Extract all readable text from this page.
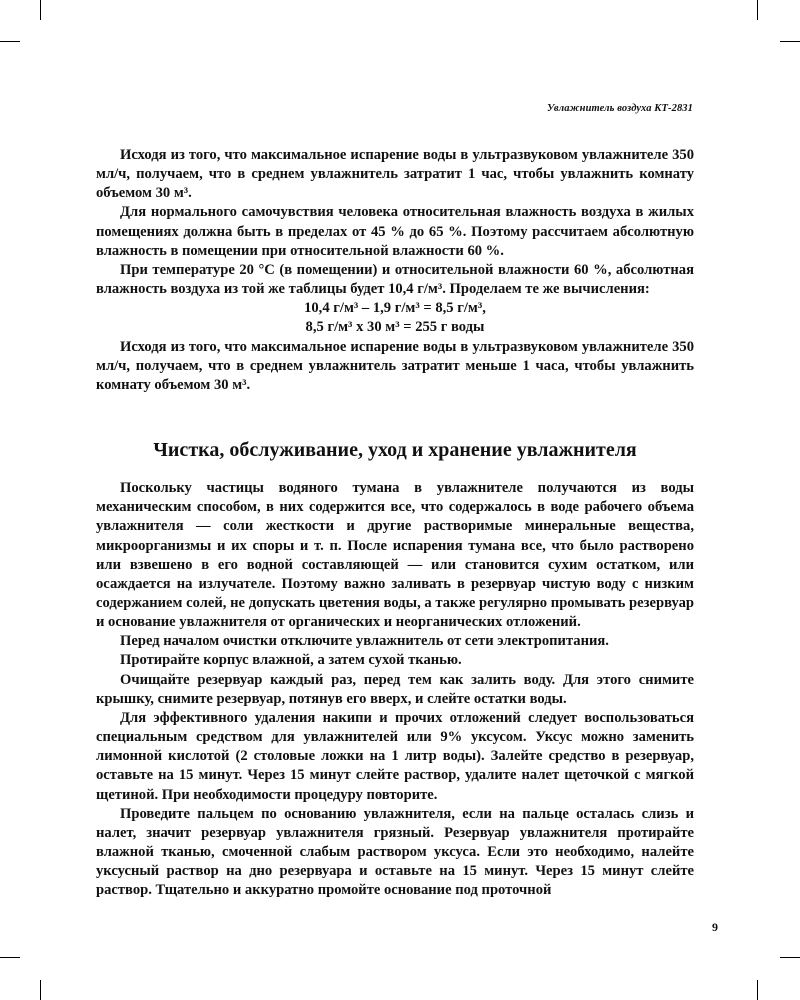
Увлажнитель воздуха КТ-2831

Исходя из того, что максимальное испарение воды в ультразвуковом увлажнителе 350 мл/ч, получаем, что в среднем увлажнитель затратит 1 час, чтобы увлажнить комнату объемом 30 м³.

Для нормального самочувствия человека относительная влажность воздуха в жилых помещениях должна быть в пределах от 45 % до 65 %. Поэтому рассчитаем абсолютную влажность в помещении при относительной влажности 60 %.

При температуре 20 °C (в помещении) и относительной влажности 60 %, абсолютная влажность воздуха из той же таблицы будет 10,4 г/м³. Проделаем те же вычисления:

10,4 г/м³ – 1,9 г/м³ = 8,5 г/м³,

8,5 г/м³ х 30 м³ = 255 г воды

Исходя из того, что максимальное испарение воды в ультразвуковом увлажнителе 350 мл/ч, получаем, что в среднем увлажнитель затратит меньше 1 часа, чтобы увлажнить комнату объемом 30 м³.

Чистка, обслуживание, уход и хранение увлажнителя

Поскольку частицы водяного тумана в увлажнителе получаются из воды механическим способом, в них содержится все, что содержалось в воде рабочего объема увлажнителя — соли жесткости и другие растворимые минеральные вещества, микроорганизмы и их споры и т. п. После испарения тумана все, что было растворено или взвешено в его водной составляющей — или становится сухим остатком, или осаждается на излучателе. Поэтому важно заливать в резервуар чистую воду с низким содержанием солей, не допускать цветения воды, а также регулярно промывать резервуар и основание увлажнителя от органических и неорганических отложений.

Перед началом очистки отключите увлажнитель от сети электропитания.

Протирайте корпус влажной, а затем сухой тканью.

Очищайте резервуар каждый раз, перед тем как залить воду. Для этого снимите крышку, снимите резервуар, потянув его вверх, и слейте остатки воды.

Для эффективного удаления накипи и прочих отложений следует воспользоваться специальным средством для увлажнителей или 9% уксусом. Уксус можно заменить лимонной кислотой (2 столовые ложки на 1 литр воды). Залейте средство в резервуар, оставьте на 15 минут. Через 15 минут слейте раствор, удалите налет щеточкой с мягкой щетиной. При необходимости процедуру повторите.

Проведите пальцем по основанию увлажнителя, если на пальце осталась слизь и налет, значит резервуар увлажнителя грязный. Резервуар увлажнителя протирайте влажной тканью, смоченной слабым раствором уксуса. Если это необходимо, налейте уксусный раствор на дно резервуара и оставьте на 15 минут. Через 15 минут слейте раствор. Тщательно и аккуратно промойте основание под проточной

9
